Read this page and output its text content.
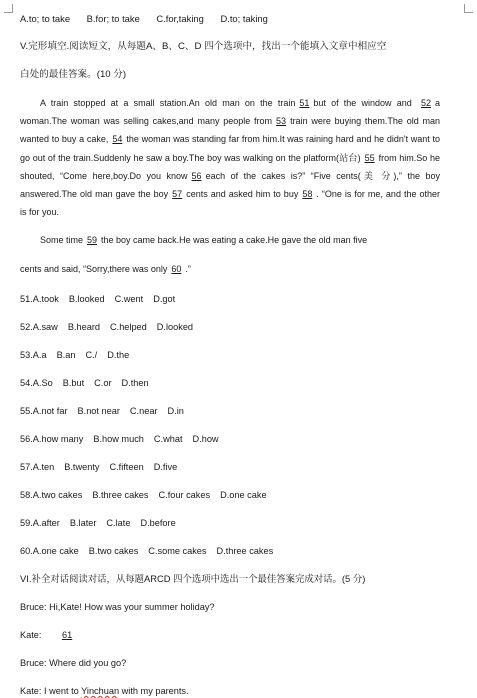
A.to; to take B.for; to take C.for,taking D.to; taking
V.完形填空.阅读短文，从每题A、B、C、D 四个选项中，找出一个能填入文章中相应空
白处的最佳答案。(10 分)
A train stopped at a small station.An old man on the train 51 but of the window and 52 a woman.The woman was selling cakes,and many people from 53 train were buying them.The old man wanted to buy a cake, 54 the woman was standing far from him.It was raining hard and he didn't want to go out of the train.Suddenly he saw a boy.The boy was walking on the platform(站台) 55 from him.So he shouted, “Come here,boy.Do you know 56 each of the cakes is?” “Five cents(美 分),” the boy answered.The old man gave the boy 57 cents and asked him to buy 58 . “One is for me, and the other is for you.
Some time 59 the boy came back.He was eating a cake.He gave the old man five
cents and said, “Sorry,there was only 60 .”
51.A.took B.looked C.went D.got
52.A.saw B.heard C.helped D.looked
53.A.a B.an C./ D.the
54.A.So B.but C.or D.then
55.A.not far B.not near C.near D.in
56.A.how many B.how much C.what D.how
57.A.ten B.twenty C.fifteen D.five
58.A.two cakes B.three cakes C.four cakes D.one cake
59.A.after B.later C.late D.before
60.A.one cake B.two cakes C.some cakes D.three cakes
VI.补全对话阅读对话，从每题ARCD 四个选项中选出一个最佳答案完成对话。(5 分)
Bruce: Hi,Kate! How was your summer holiday?
Kate: 61
Bruce: Where did you go?
Kate: I went to Yinchuan with my parents.
